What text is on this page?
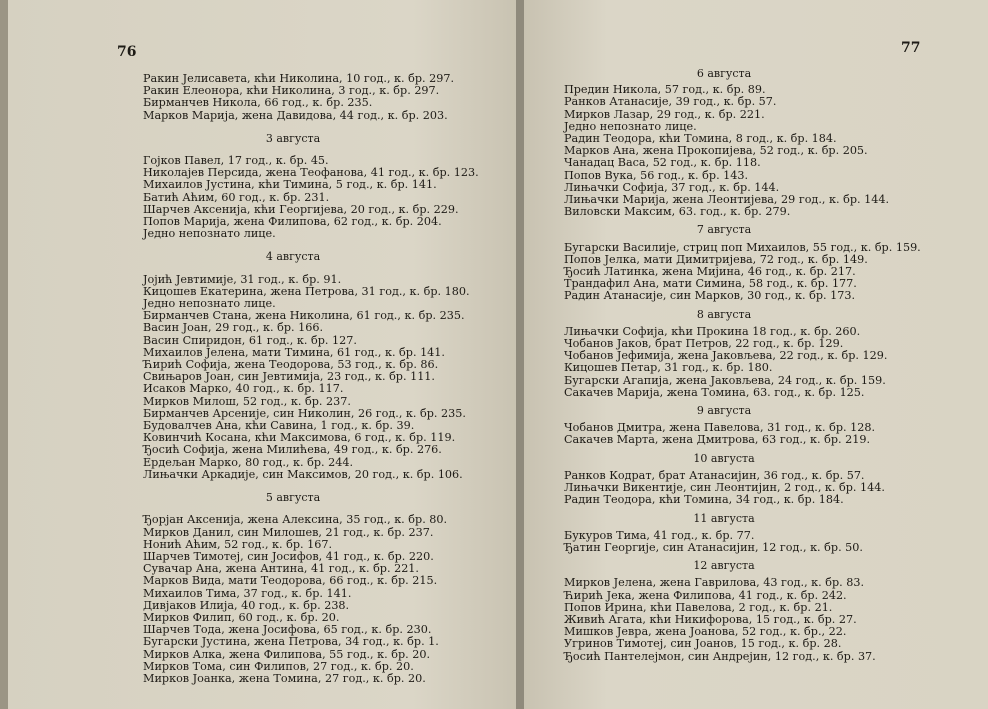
76
Ракин Јелисавета, кћи Николина, 10 год., к. бр. 297.
Ракин Елеонора, кћи Николина, 3 год., к. бр. 297.
Бирманчев Никола, 66 год., к. бр. 235.
Марков Марија, жена Давидова, 44 год., к. бр. 203.
3 августа
Гојков Павел, 17 год., к. бр. 45.
Николајев Персида, жена Теофанова, 41 год., к. бр. 123.
Михаилов Јустина, кћи Тимина, 5 год., к. бр. 141.
Батић Аћим, 60 год., к. бр. 231.
Шарчев Аксенија, кћи Георгијева, 20 год., к. бр. 229.
Попов Марија, жена Филипова, 62 год., к. бр. 204.
Једно непознато лице.
4 августа
Јојић Јевтимије, 31 год., к. бр. 91.
Кицошев Екатерина, жена Петрова, 31 год., к. бр. 180.
Једно непознато лице.
Бирманчев Стана, жена Николина, 61 год., к. бр. 235.
Васин Јоан, 29 год., к. бр. 166.
Васин Спиридон, 61 год., к. бр. 127.
Михаилов Јелена, мати Тимина, 61 год., к. бр. 141.
Ћирић Софија, жена Теодорова, 53 год., к. бр. 86.
Свињаров Јоан, син Јевтимија, 23 год., к. бр. 111.
Исаков Марко, 40 год., к. бр. 117.
Мирков Милош, 52 год., к. бр. 237.
Бирманчев Арсеније, син Николин, 26 год., к. бр. 235.
Будовалчев Ана, кћи Савина, 1 год., к. бр. 39.
Ковинчић Косана, кћи Максимова, 6 год., к. бр. 119.
Ђосић Софија, жена Милићева, 49 год., к. бр. 276.
Ердељан Марко, 80 год., к. бр. 244.
Лињачки Аркадије, син Максимов, 20 год., к. бр. 106.
5 августа
Ђорјан Аксенија, жена Алексина, 35 год., к. бр. 80.
Мирков Данил, син Милошев, 21 год., к. бр. 237.
Нонић Аћим, 52 год., к. бр. 167.
Шарчев Тимотеј, син Јосифов, 41 год., к. бр. 220.
Сувачар Ана, жена Антина, 41 год., к. бр. 221.
Марков Вида, мати Теодорова, 66 год., к. бр. 215.
Михаилов Тима, 37 год., к. бр. 141.
Дивјаков Илија, 40 год., к. бр. 238.
Мирков Филип, 60 год., к. бр. 20.
Шарчев Тода, жена Јосифова, 65 год., к. бр. 230.
Бугарски Јустина, жена Петрова, 34 год., к. бр. 1.
Мирков Алка, жена Филипова, 55 год., к. бр. 20.
Мирков Тома, син Филипов, 27 год., к. бр. 20.
Мирков Јоанка, жена Томина, 27 год., к. бр. 20.
77
6 августа
Предин Никола, 57 год., к. бр. 89.
Ранков Атанасије, 39 год., к. бр. 57.
Мирков Лазар, 29 год., к. бр. 221.
Једно непознато лице.
Радин Теодора, кћи Томина, 8 год., к. бр. 184.
Марков Ана, жена Прокопијева, 52 год., к. бр. 205.
Чанадац Васа, 52 год., к. бр. 118.
Попов Вука, 56 год., к. бр. 143.
Лињачки Софија, 37 год., к. бр. 144.
Лињачки Марија, жена Леонтијева, 29 год., к. бр. 144.
Виловски Максим, 63. год., к. бр. 279.
7 августа
Бугарски Василије, стриц поп Михаилов, 55 год., к. бр. 159.
Попов Јелка, мати Димитријева, 72 год., к. бр. 149.
Ђосић Латинка, жена Мијина, 46 год., к. бр. 217.
Трандафил Ана, мати Симина, 58 год., к. бр. 177.
Радин Атанасије, син Марков, 30 год., к. бр. 173.
8 августа
Лињачки Софија, кћи Прокина 18 год., к. бр. 260.
Чобанов Јаков, брат Петров, 22 год., к. бр. 129.
Чобанов Јефимија, жена Јаковљева, 22 год., к. бр. 129.
Кицошев Петар, 31 год., к. бр. 180.
Бугарски Агапија, жена Јаковљева, 24 год., к. бр. 159.
Сакачев Марија, жена Томина, 63. год., к. бр. 125.
9 августа
Чобанов Дмитра, жена Павелова, 31 год., к. бр. 128.
Сакачев Марта, жена Дмитрова, 63 год., к. бр. 219.
10 августа
Ранков Кодрат, брат Атанасијин, 36 год., к. бр. 57.
Лињачки Викентије, син Леонтијин, 2 год., к. бр. 144.
Радин Теодора, кћи Томина, 34 год., к. бр. 184.
11 августа
Букуров Тима, 41 год., к. бр. 77.
Ђатин Георгије, син Атанасијин, 12 год., к. бр. 50.
12 августа
Мирков Јелена, жена Гаврилова, 43 год., к. бр. 83.
Ћирић Јека, жена Филипова, 41 год., к. бр. 242.
Попов Ирина, кћи Павелова, 2 год., к. бр. 21.
Живић Агата, кћи Никифорова, 15 год., к. бр. 27.
Мишков Јевра, жена Јоанова, 52 год., к. бр., 22.
Угринов Тимотеј, син Јоанов, 15 год., к. бр. 28.
Ђосић Пантелејмон, син Андрејин, 12 год., к. бр. 37.
